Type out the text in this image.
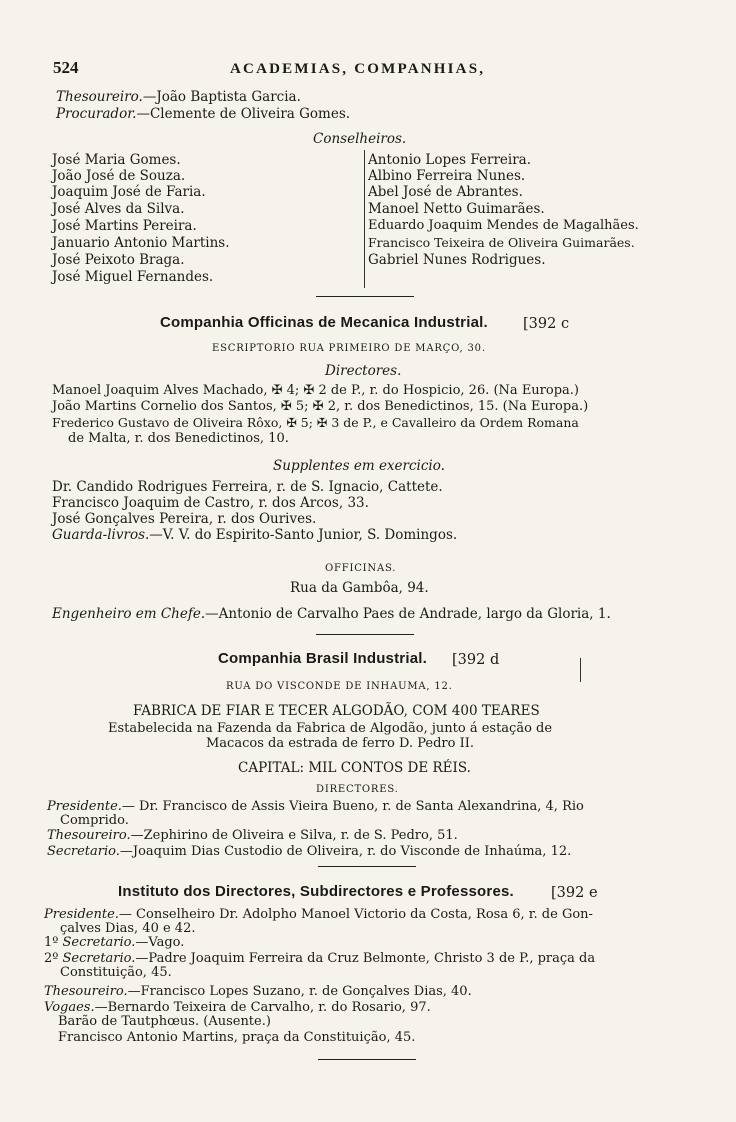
524	ACADEMIAS, COMPANHIAS,
Thesoureiro.—João Baptista Garcia.
Procurador.—Clemente de Oliveira Gomes.
Conselheiros.
José Maria Gomes.
João José de Souza.
Joaquim José de Faria.
José Alves da Silva.
José Martins Pereira.
Januario Antonio Martins.
José Peixoto Braga.
José Miguel Fernandes.
Antonio Lopes Ferreira.
Albino Ferreira Nunes.
Abel José de Abrantes.
Manoel Netto Guimarães.
Eduardo Joaquim Mendes de Magalhães.
Francisco Teixeira de Oliveira Guimarães.
Gabriel Nunes Rodrigues.
Companhia Officinas de Mecanica Industrial. [392 c
ESCRIPTORIO RUA PRIMEIRO DE MARÇO, 30.
Directores.
Manoel Joaquim Alves Machado, ✠ 4; ✠ 2 de P., r. do Hospicio, 26. (Na Europa.)
João Martins Cornelio dos Santos, ✠ 5; ✠ 2, r. dos Benedictinos, 15. (Na Europa.)
Frederico Gustavo de Oliveira Rôxo, ✠ 5; ✠ 3 de P., e Cavalleiro da Ordem Romana
de Malta, r. dos Benedictinos, 10.
Supplentes em exercicio.
Dr. Candido Rodrigues Ferreira, r. de S. Ignacio, Cattete.
Francisco Joaquim de Castro, r. dos Arcos, 33.
José Gonçalves Pereira, r. dos Ourives.
Guarda-livros.—V. V. do Espirito-Santo Junior, S. Domingos.
OFFICINAS.
Rua da Gambôa, 94.
Engenheiro em Chefe.—Antonio de Carvalho Paes de Andrade, largo da Gloria, 1.
Companhia Brasil Industrial. [392 d
RUA DO VISCONDE DE INHAUMA, 12.
FABRICA DE FIAR E TECER ALGODÃO, COM 400 TEARES
Estabelecida na Fazenda da Fabrica de Algodão, junto á estação de
Macacos da estrada de ferro D. Pedro II.
CAPITAL: MIL CONTOS DE RÉIS.
DIRECTORES.
Presidente.— Dr. Francisco de Assis Vieira Bueno, r. de Santa Alexandrina, 4, Rio
Comprido.
Thesoureiro.—Zephirino de Oliveira e Silva, r. de S. Pedro, 51.
Secretario.—Joaquim Dias Custodio de Oliveira, r. do Visconde de Inhaúma, 12.
Instituto dos Directores, Subdirectores e Professores.	[392 e
Presidente.— Conselheiro Dr. Adolpho Manoel Victorio da Costa, Rosa 6, r. de Gon-
çalves Dias, 40 e 42.
1º Secretario.—Vago.
2º Secretario.—Padre Joaquim Ferreira da Cruz Belmonte, Christo 3 de P., praça da
Constituição, 45.
Thesoureiro.—Francisco Lopes Suzano, r. de Gonçalves Dias, 40.
Vogaes.—Bernardo Teixeira de Carvalho, r. do Rosario, 97.
Barão de Tautphœus. (Ausente.)
Francisco Antonio Martins, praça da Constituição, 45.
